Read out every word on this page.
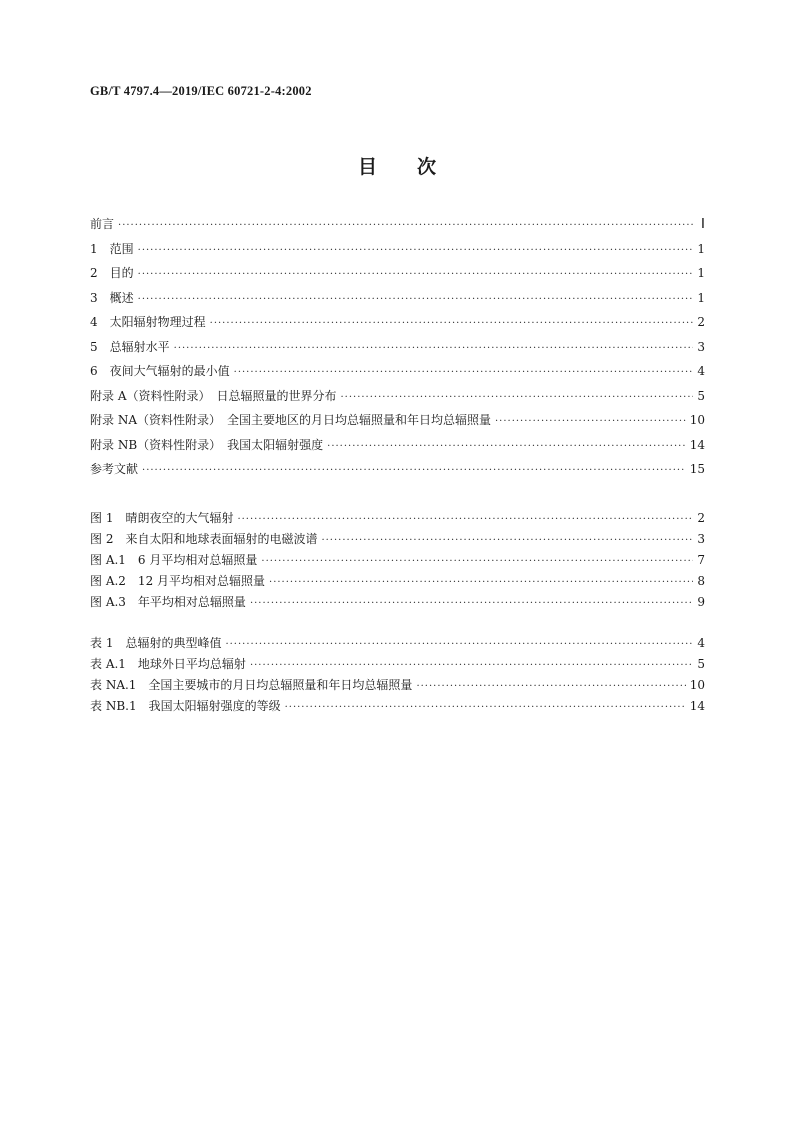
GB/T 4797.4—2019/IEC 60721-2-4:2002
目次
前言 ·····	Ⅰ
1　范围 ·····	1
2　目的 ·····	1
3　概述 ·····	1
4　太阳辐射物理过程 ·····	2
5　总辐射水平 ·····	3
6　夜间大气辐射的最小值 ·····	4
附录 A（资料性附录）　日总辐照量的世界分布 ·····	5
附录 NA（资料性附录）　全国主要地区的月日均总辐照量和年日均总辐照量 ·····	10
附录 NB（资料性附录）　我国太阳辐射强度 ·····	14
参考文献 ·····	15
图 1　晴朗夜空的大气辐射 ·····	2
图 2　来自太阳和地球表面辐射的电磁波谱 ·····	3
图 A.1　6 月平均相对总辐照量 ·····	7
图 A.2　12 月平均相对总辐照量 ·····	8
图 A.3　年平均相对总辐照量 ·····	9
表 1　总辐射的典型峰值 ·····	4
表 A.1　地球外日平均总辐射 ·····	5
表 NA.1　全国主要城市的月日均总辐照量和年日均总辐照量 ·····	10
表 NB.1　我国太阳辐射强度的等级 ·····	14
